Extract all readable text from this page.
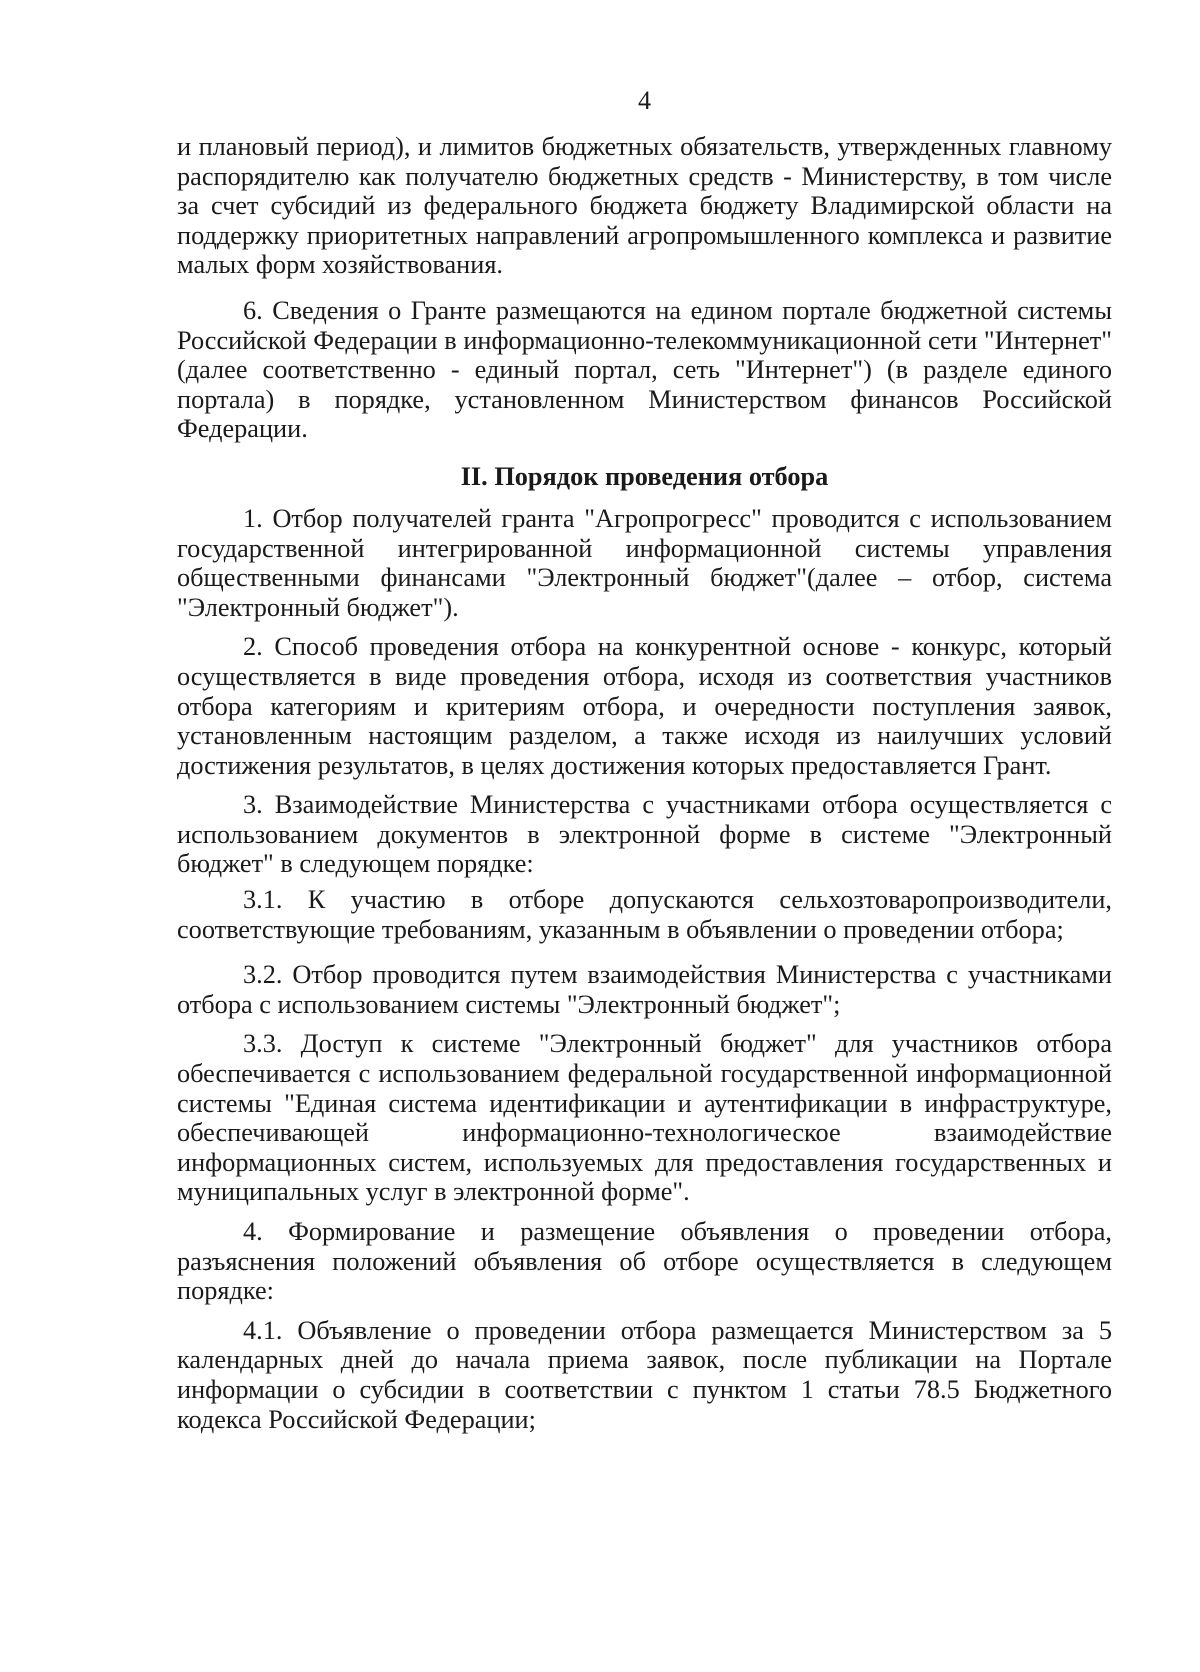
4

и плановый период), и лимитов бюджетных обязательств, утвержденных главному распорядителю как получателю бюджетных средств - Министерству, в том числе за счет субсидий из федерального бюджета бюджету Владимирской области на поддержку приоритетных направлений агропромышленного комплекса и развитие малых форм хозяйствования.

6. Сведения о Гранте размещаются на едином портале бюджетной системы Российской Федерации в информационно-телекоммуникационной сети "Интернет" (далее соответственно - единый портал, сеть "Интернет") (в разделе единого портала) в порядке, установленном Министерством финансов Российской Федерации.

II. Порядок проведения отбора

1. Отбор получателей гранта "Агропрогресс" проводится с использованием государственной интегрированной информационной системы управления общественными финансами "Электронный бюджет"(далее – отбор, система "Электронный бюджет").

2. Способ проведения отбора на конкурентной основе - конкурс, который осуществляется в виде проведения отбора, исходя из соответствия участников отбора категориям и критериям отбора, и очередности поступления заявок, установленным настоящим разделом, а также исходя из наилучших условий достижения результатов, в целях достижения которых предоставляется Грант.

3. Взаимодействие Министерства с участниками отбора осуществляется с использованием документов в электронной форме в системе "Электронный бюджет" в следующем порядке:

3.1. К участию в отборе допускаются сельхозтоваропроизводители, соответствующие требованиям, указанным в объявлении о проведении отбора;

3.2. Отбор проводится путем взаимодействия Министерства с участниками отбора с использованием системы "Электронный бюджет";

3.3. Доступ к системе "Электронный бюджет" для участников отбора обеспечивается с использованием федеральной государственной информационной системы "Единая система идентификации и аутентификации в инфраструктуре, обеспечивающей информационно-технологическое взаимодействие информационных систем, используемых для предоставления государственных и муниципальных услуг в электронной форме".

4. Формирование и размещение объявления о проведении отбора, разъяснения положений объявления об отборе осуществляется в следующем порядке:

4.1. Объявление о проведении отбора размещается Министерством за 5 календарных дней до начала приема заявок, после публикации на Портале информации о субсидии в соответствии с пунктом 1 статьи 78.5 Бюджетного кодекса Российской Федерации;
